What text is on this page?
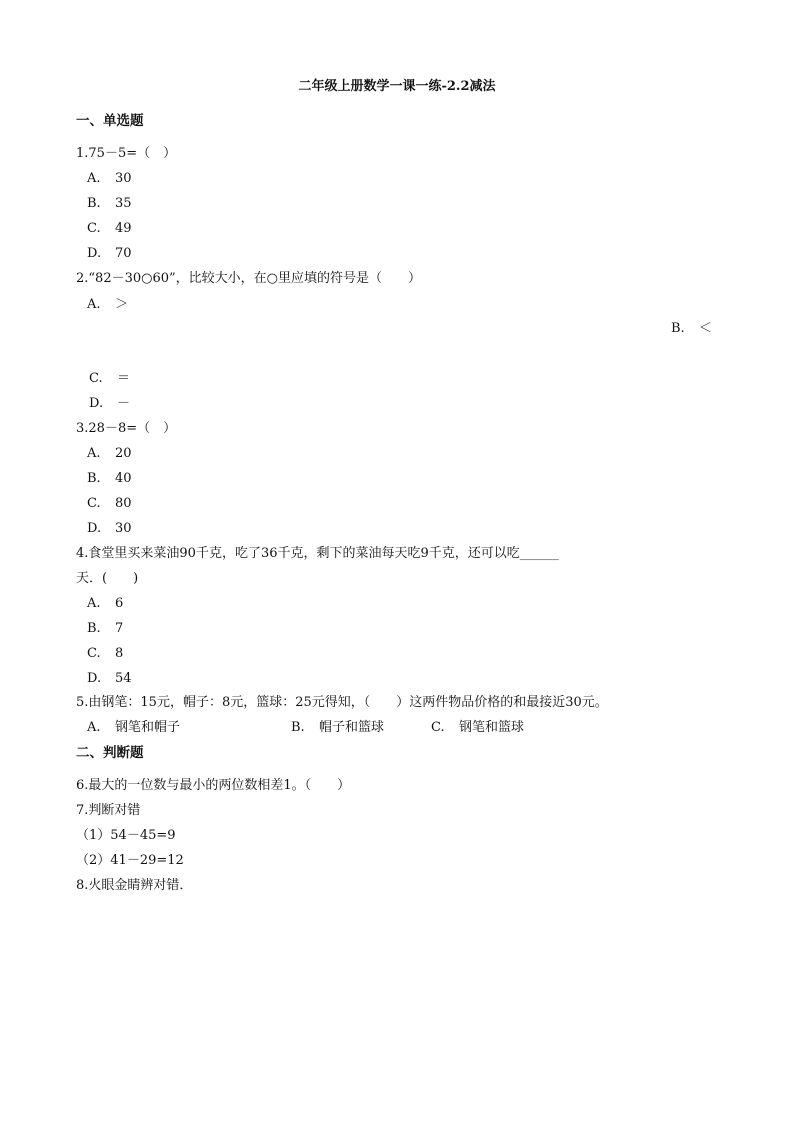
二年级上册数学一课一练-2.2减法
一、单选题
1.75－5=（　）
A. 30
B. 35
C. 49
D. 70
2.“82－30○60”，比较大小，在○里应填的符号是（　　）
A. ＞
B. ＜
C. ＝
D. －
3.28－8=（　）
A. 20
B. 40
C. 80
D. 30
4.食堂里买来菜油90千克，吃了36千克，剩下的菜油每天吃9千克，还可以吃______
天．(　　)
A. 6
B. 7
C. 8
D. 54
5.由钢笔：15元，帽子：8元，篮球：25元得知，（　　）这两件物品价格的和最接近30元。
A. 钢笔和帽子	B. 帽子和篮球	C. 钢笔和篮球
二、判断题
6.最大的一位数与最小的两位数相差1。（　　）
7.判断对错
（1）54－45=9
（2）41－29=12
8.火眼金睛辨对错．
